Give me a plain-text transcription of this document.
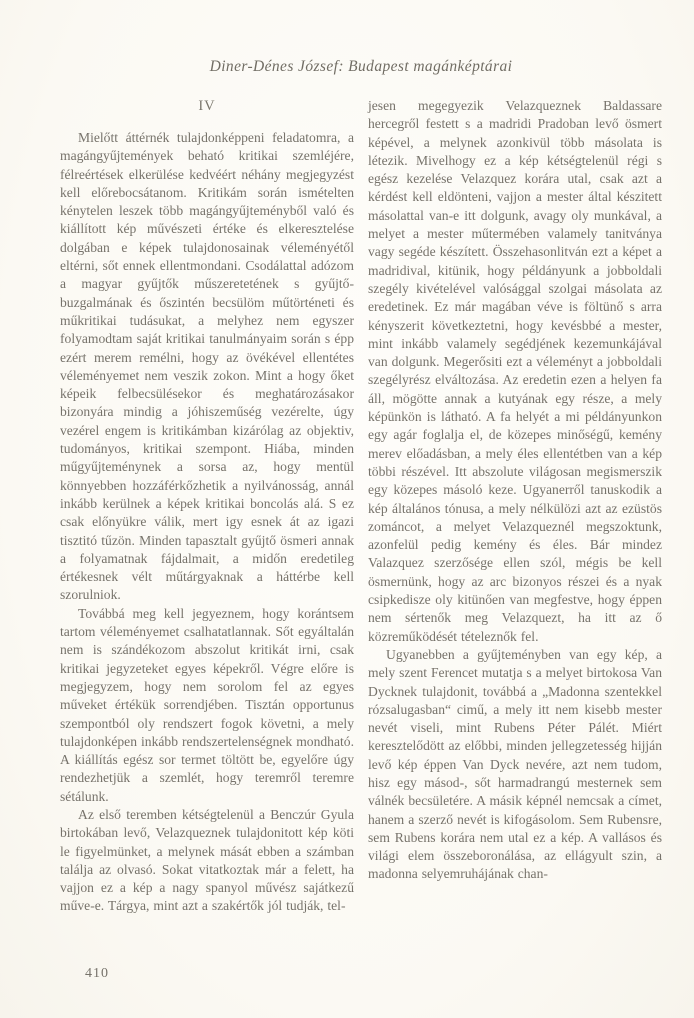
Diner-Dénes József: Budapest magánképtárai
IV

Mielőtt áttérnék tulajdonképpeni feladatomra, a magángyűjtemények beható kritikai szemléjére, félreértések elkerülése kedvéért néhány megjegyzést kell előrebocsátanom. Kritikám során ismételten kénytelen leszek több magángyűjteményből való és kiállított kép művészeti értéke és elkeresztelése dolgában e képek tulajdonosainak véleményétől eltérni, sőt ennek ellentmondani. Csodálattal adózom a magyar gyűjtők műszeretetének s gyűjtő-buzgalmának és őszintén becsülöm műtörténeti és műkritikai tudásukat, a melyhez nem egyszer folyamodtam saját kritikai tanulmányaim során s épp ezért merem remélni, hogy az övékével ellentétes véleményemet nem veszik zokon. Mint a hogy őket képeik felbecsülésekor és meghatározásakor bizonyára mindig a jóhiszeműség vezérelte, úgy vezérel engem is kritikámban kizárólag az objektiv, tudományos, kritikai szempont. Hiába, minden műgyűjteménynek a sorsa az, hogy mentül könnyebben hozzáférkőzhetik a nyilvánosság, annál inkább kerülnek a képek kritikai boncolás alá. S ez csak előnyükre válik, mert igy esnek át az igazi tisztitó tűzön. Minden tapasztalt gyűjtő ösmeri annak a folyamatnak fájdalmait, a midőn eredetileg értékesnek vélt műtárgyaknak a háttérbe kell szorulniok.

Továbbá meg kell jegyeznem, hogy korántsem tartom véleményemet csalhatatlannak. Sőt egyáltalán nem is szándékozom abszolut kritikát irni, csak kritikai jegyzeteket egyes képekről. Végre előre is megjegyzem, hogy nem sorolom fel az egyes műveket értékük sorrendjében. Tisztán opportunus szempontból oly rendszert fogok követni, a mely tulajdonképen inkább rendszertelenségnek mondható. A kiállítás egész sor termet töltött be, egyelőre úgy rendezhetjük a szemlét, hogy teremről teremre sétálunk.

Az első teremben kétségtelenül a Benczúr Gyula birtokában levő, Velazqueznek tulajdonitott kép köti le figyelmünket, a melynek mását ebben a számban találja az olvasó. Sokat vitatkoztak már a felett, ha vajjon ez a kép a nagy spanyol művész sajátkezű műve-e. Tárgya, mint azt a szakértők jól tudják, tel-

jesen megegyezik Velazqueznek Baldassare hercegről festett s a madridi Pradoban levő ösmert képével, a melynek azonkivül több másolata is létezik. Mivelhogy ez a kép kétségtelenül régi s egész kezelése Velazquez korára utal, csak azt a kérdést kell eldönteni, vajjon a mester által készitett másolattal van-e itt dolgunk, avagy oly munkával, a melyet a mester műtermében valamely tanitványa vagy segéde készített. Összehasonlitván ezt a képet a madridival, kitünik, hogy példányunk a jobboldali szegély kivételével valósággal szolgai másolata az eredetinek. Ez már magában véve is föltünő s arra kényszerit következtetni, hogy kevésbbé a mester, mint inkább valamely segédjének kezemunkájával van dolgunk. Megerősiti ezt a véleményt a jobboldali szegélyrész elváltozása. Az eredetin ezen a helyen fa áll, mögötte annak a kutyának egy része, a mely képünkön is látható. A fa helyét a mi példányunkon egy agár foglalja el, de közepes minőségű, kemény merev előadásban, a mely éles ellentétben van a kép többi részével. Itt abszolute világosan megismerszik egy közepes másoló keze. Ugyanerről tanuskodik a kép általános tónusa, a mely nélkülözi azt az ezüstös zománcot, a melyet Velazqueznél megszoktunk, azonfelül pedig kemény és éles. Bár mindez Valazquez szerzősége ellen szól, mégis be kell ösmernünk, hogy az arc bizonyos részei és a nyak csipkedisze oly kitünően van megfestve, hogy éppen nem sértenők meg Velazquezt, ha itt az ő közreműködését tételeznők fel.

Ugyanebben a gyűjteményben van egy kép, a mely szent Ferencet mutatja s a melyet birtokosa Van Dycknek tulajdonit, továbbá a „Madonna szentekkel rózsalugasban“ cimű, a mely itt nem kisebb mester nevét viseli, mint Rubens Péter Pálét. Miért keresztelődött az előbbi, minden jellegzetesség hijján levő kép éppen Van Dyck nevére, azt nem tudom, hisz egy másod-, sőt harmadrangú mesternek sem válnék becsületére. A másik képnél nemcsak a címet, hanem a szerző nevét is kifogásolom. Sem Rubensre, sem Rubens korára nem utal ez a kép. A vallásos és világi elem összeboronálása, az ellágyult szin, a madonna selyemruhájának chan-

410
